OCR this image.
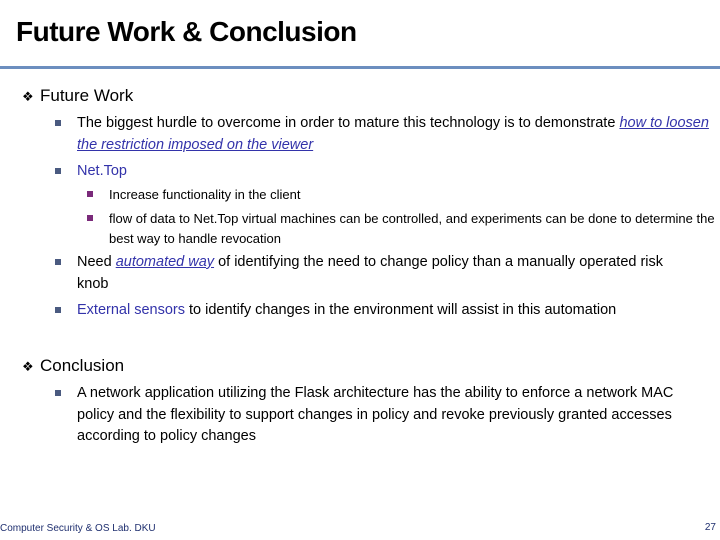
Future Work & Conclusion
❖ Future Work
The biggest hurdle to overcome in order to mature this technology is to demonstrate how to loosen the restriction imposed on the viewer
Net.Top
Increase functionality in the client
flow of data to Net.Top virtual machines can be controlled, and experiments can be done to determine the best way to handle revocation
Need automated way of identifying the need to change policy than a manually operated risk knob
External sensors to identify changes in the environment will assist in this automation
❖ Conclusion
A network application utilizing the Flask architecture has the ability to enforce a network MAC policy and the flexibility to support changes in policy and revoke previously granted accesses according to policy changes
Computer Security & OS Lab. DKU	27
